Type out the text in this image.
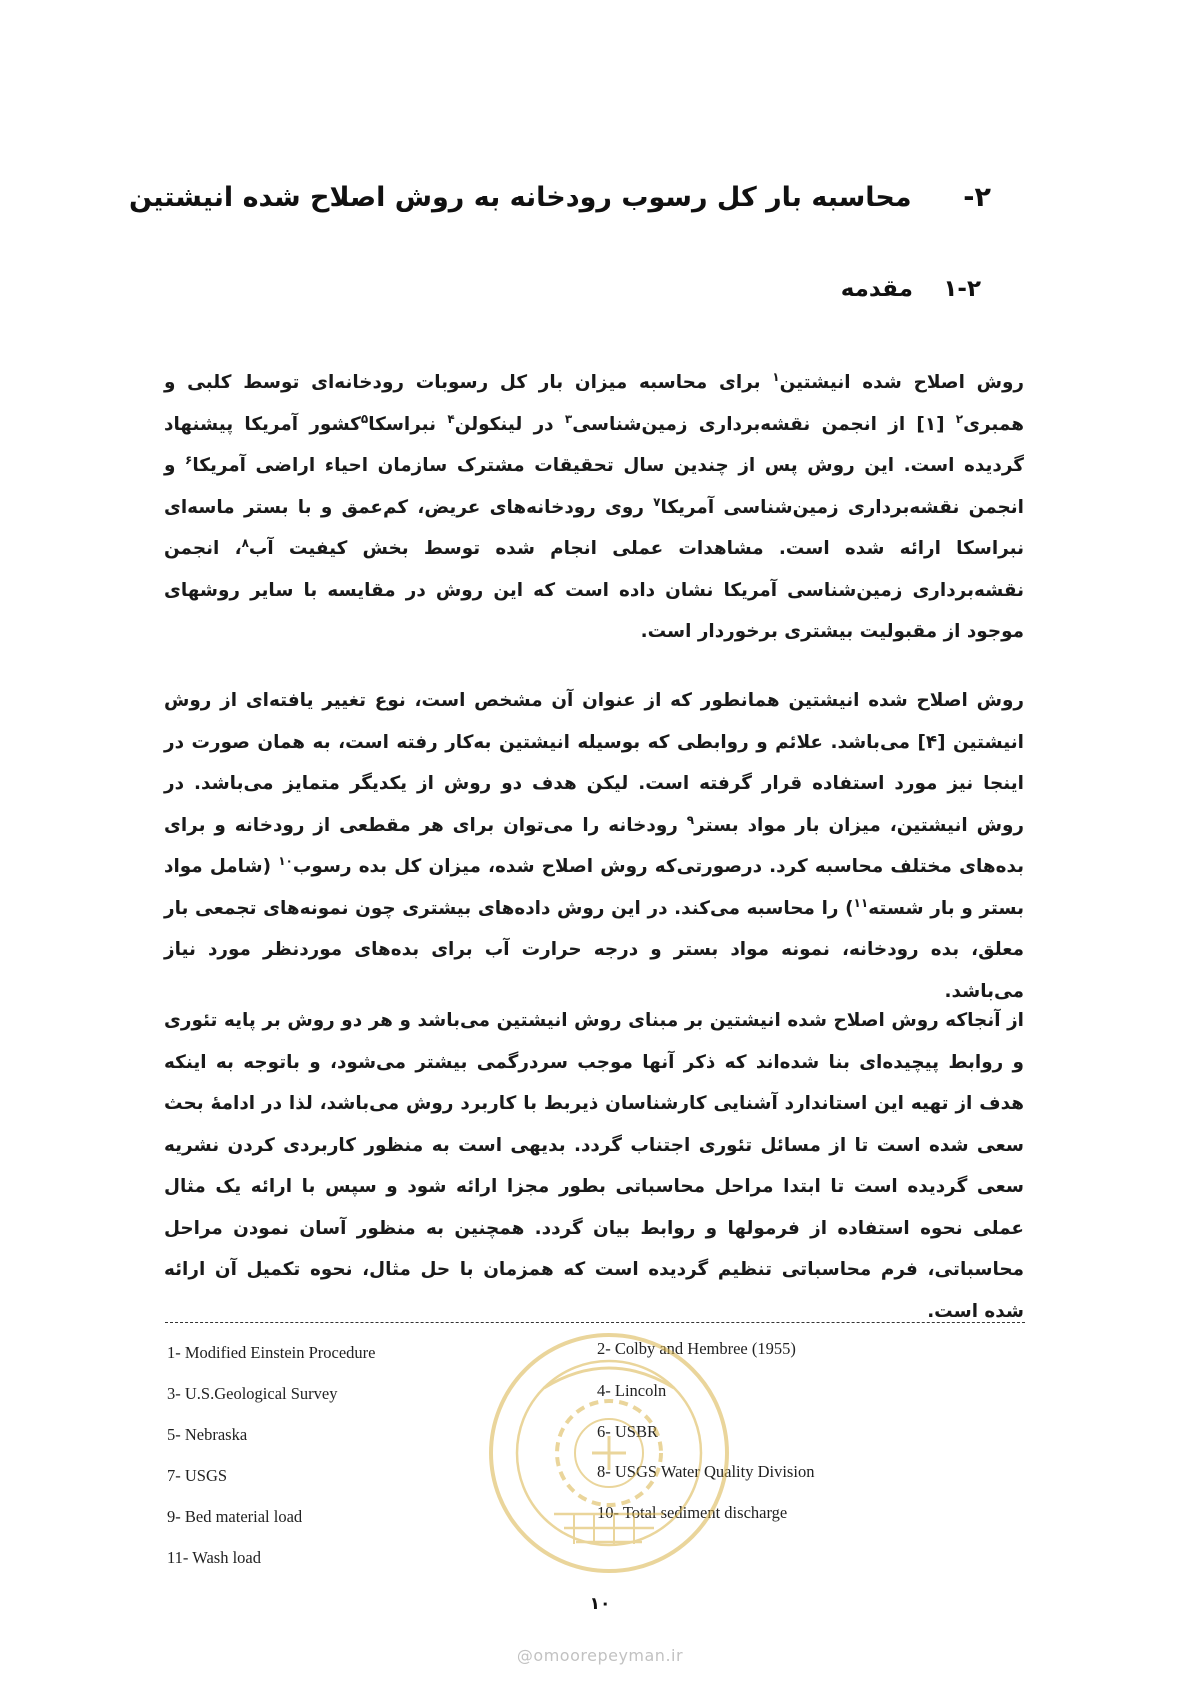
۲- محاسبه بار کل رسوب رودخانه به روش اصلاح شده انیشتین
۱-۲ مقدمه
روش اصلاح شده انیشتین$^۱$ برای محاسبه میزان بار کل رسوبات رودخانه‌ای توسط کلبی و همبری$^۲$ [۱] از انجمن نقشه‌برداری زمین‌شناسی$^۳$ در لینکولن$^۴$ نبراسکا$^۵$کشور آمریکا پیشنهاد گردیده است. این روش پس از چندین سال تحقیقات مشترک سازمان احیاء اراضی آمریکا$^۶$ و انجمن نقشه‌برداری زمین‌شناسی آمریکا$^۷$ روی رودخانه‌های عریض، کم‌عمق و با بستر ماسه‌ای نبراسکا ارائه شده است. مشاهدات عملی انجام شده توسط بخش کیفیت آب$^۸$، انجمن نقشه‌برداری زمین‌شناسی آمریکا نشان داده است که این روش در مقایسه با سایر روشهای موجود از مقبولیت بیشتری برخوردار است.
روش اصلاح شده انیشتین همانطور که از عنوان آن مشخص است، نوع تغییر یافته‌ای از روش انیشتین [۴] می‌باشد. علائم و روابطی که بوسیله انیشتین به‌کار رفته است، به همان صورت در اینجا نیز مورد استفاده قرار گرفته است. لیکن هدف دو روش از یکدیگر متمایز می‌باشد. در روش انیشتین، میزان بار مواد بستر$^۹$ رودخانه را می‌توان برای هر مقطعی از رودخانه و برای بده‌های مختلف محاسبه کرد. درصورتی‌که روش اصلاح شده، میزان کل بده رسوب$^{۱۰}$ (شامل مواد بستر و بار شسته$^{۱۱}$) را محاسبه می‌کند. در این روش داده‌های بیشتری چون نمونه‌های تجمعی بار معلق، بده رودخانه، نمونه مواد بستر و درجه حرارت آب برای بده‌های موردنظر مورد نیاز می‌باشد.
از آنجاکه روش اصلاح شده انیشتین بر مبنای روش انیشتین می‌باشد و هر دو روش بر پایه تئوری و روابط پیچیده‌ای بنا شده‌اند که ذکر آنها موجب سردرگمی بیشتر می‌شود، و باتوجه به اینکه هدف از تهیه این استاندارد آشنایی کارشناسان ذیربط با کاربرد روش می‌باشد، لذا در ادامهٔ بحث سعی شده است تا از مسائل تئوری اجتناب گردد. بدیهی است به منظور کاربردی کردن نشریه سعی گردیده است تا ابتدا مراحل محاسباتی بطور مجزا ارائه شود و سپس با ارائه یک مثال عملی نحوه استفاده از فرمولها و روابط بیان گردد. همچنین به منظور آسان نمودن مراحل محاسباتی، فرم محاسباتی تنظیم گردیده است که همزمان با حل مثال، نحوه تکمیل آن ارائه شده است.
1- Modified Einstein Procedure	2- Colby and Hembree (1955)
3- U.S.Geological Survey	4- Lincoln
5- Nebraska	6- USBR
7- USGS	8- USGS Water Quality Division
9- Bed material load	10- Total sediment discharge
11- Wash load
۱۰
@omoorepeyman.ir
